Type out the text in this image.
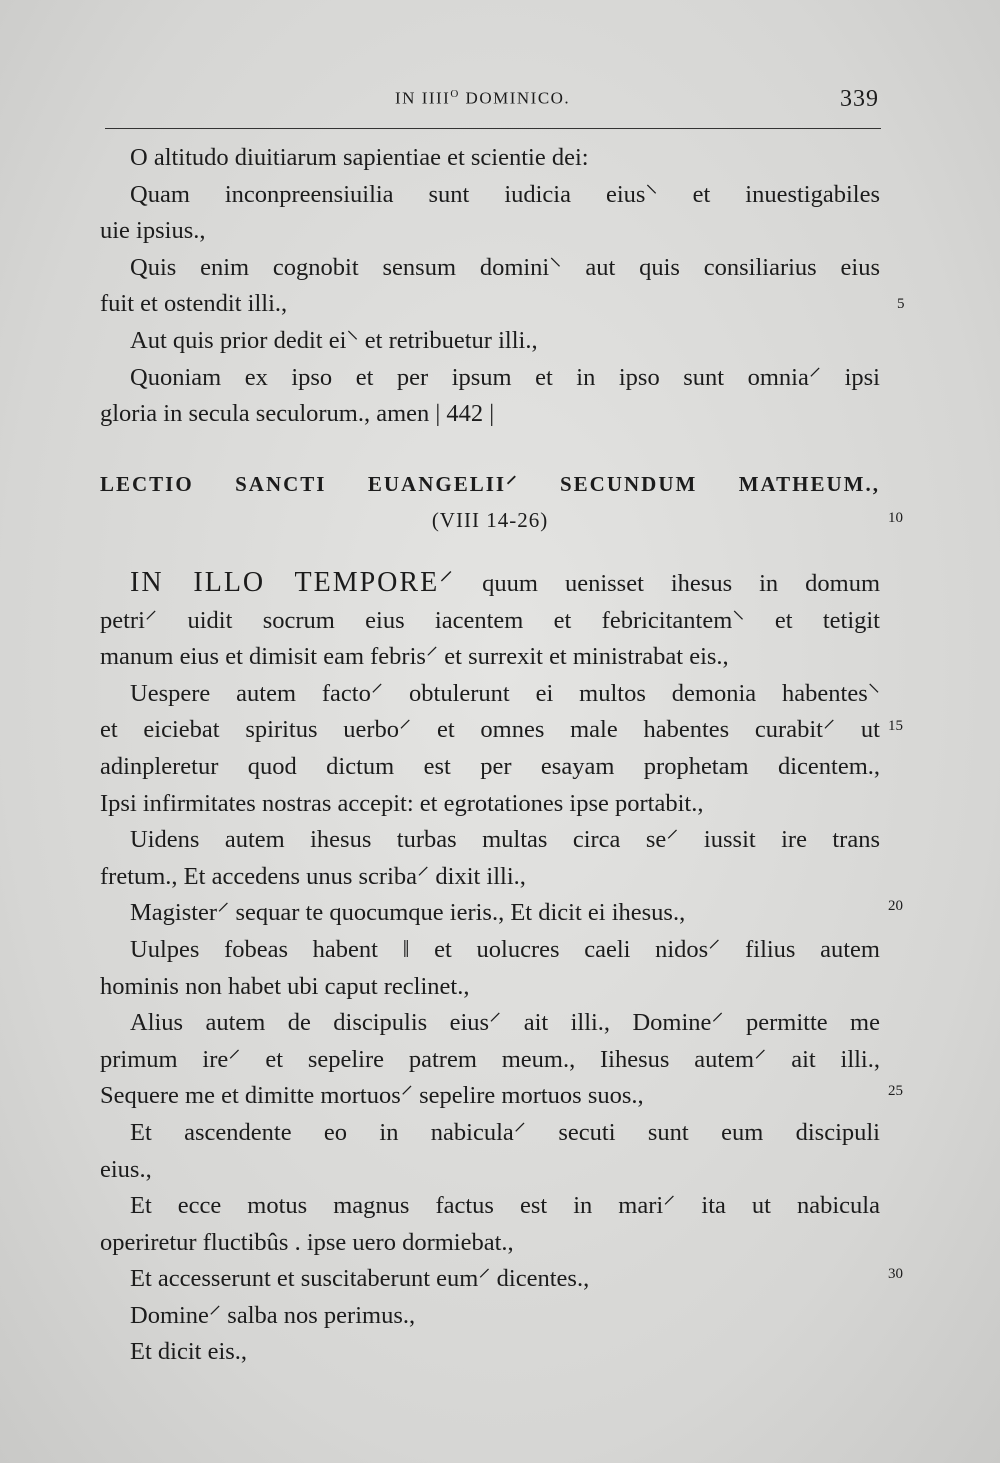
IN $IIII^O$ DOMINICO.	339
O altitudo diuitiarum sapientiae et scientie dei:
Quam inconpreensiuilia sunt iudicia eius⸌ et inuestigabiles
uie ipsius.,
Quis enim cognobit sensum domini⸌ aut quis consiliarius eius
fuit et ostendit illi.,
Aut quis prior dedit ei⸌ et retribuetur illi.,
Quoniam ex ipso et per ipsum et in ipso sunt omnia⸍ ipsi
gloria in secula seculorum., amen | 442 |
LECTIO SANCTI EUANGELII⸍ SECUNDUM MATHEUM.,
(VIII 14-26)
IN ILLO TEMPORE⸍ quum uenisset ihesus in domum
petri⸍ uidit socrum eius iacentem et febricitantem⸌ et tetigit
manum eius et dimisit eam febris⸍ et surrexit et ministrabat eis.,
Uespere autem facto⸍ obtulerunt ei multos demonia habentes⸌
et eiciebat spiritus uerbo⸍ et omnes male habentes curabit⸍ ut
adinpleretur quod dictum est per esayam prophetam dicentem.,
Ipsi infirmitates nostras accepit: et egrotationes ipse portabit.,
Uidens autem ihesus turbas multas circa se⸍ iussit ire trans
fretum., Et accedens unus scriba⸍ dixit illi.,
Magister⸍ sequar te quocumque ieris., Et dicit ei ihesus.,
Uulpes fobeas habent ‖ et uolucres caeli nidos⸍ filius autem
hominis non habet ubi caput reclinet.,
Alius autem de discipulis eius⸍ ait illi., Domine⸍ permitte me
primum ire⸍ et sepelire patrem meum., Iihesus autem⸍ ait illi.,
Sequere me et dimitte mortuos⸍ sepelire mortuos suos.,
Et ascendente eo in nabicula⸍ secuti sunt eum discipuli
eius.,
Et ecce motus magnus factus est in mari⸍ ita ut nabicula
operiretur fluctibûs . ipse uero dormiebat.,
Et accesserunt et suscitaberunt eum⸍ dicentes.,
Domine⸍ salba nos perimus.,
Et dicit eis.,
5
10
15
20
25
30
